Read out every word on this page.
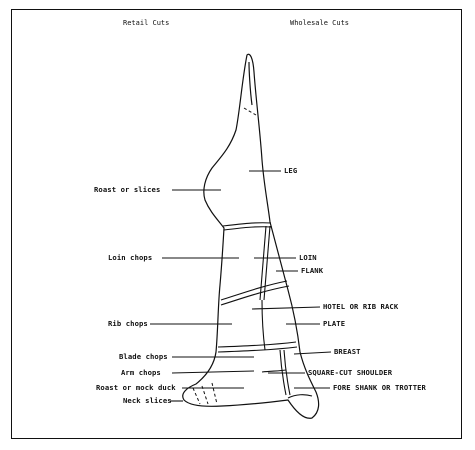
Retail Cuts	Wholesale Cuts
Roast or slices
Loin chops
Rib chops
Blade chops
Arm chops
Roast or mock duck
Neck slices
LEG
LOIN
FLANK
HOTEL OR RIB RACK
PLATE
BREAST
SQUARE-CUT SHOULDER
FORE SHANK OR TROTTER
